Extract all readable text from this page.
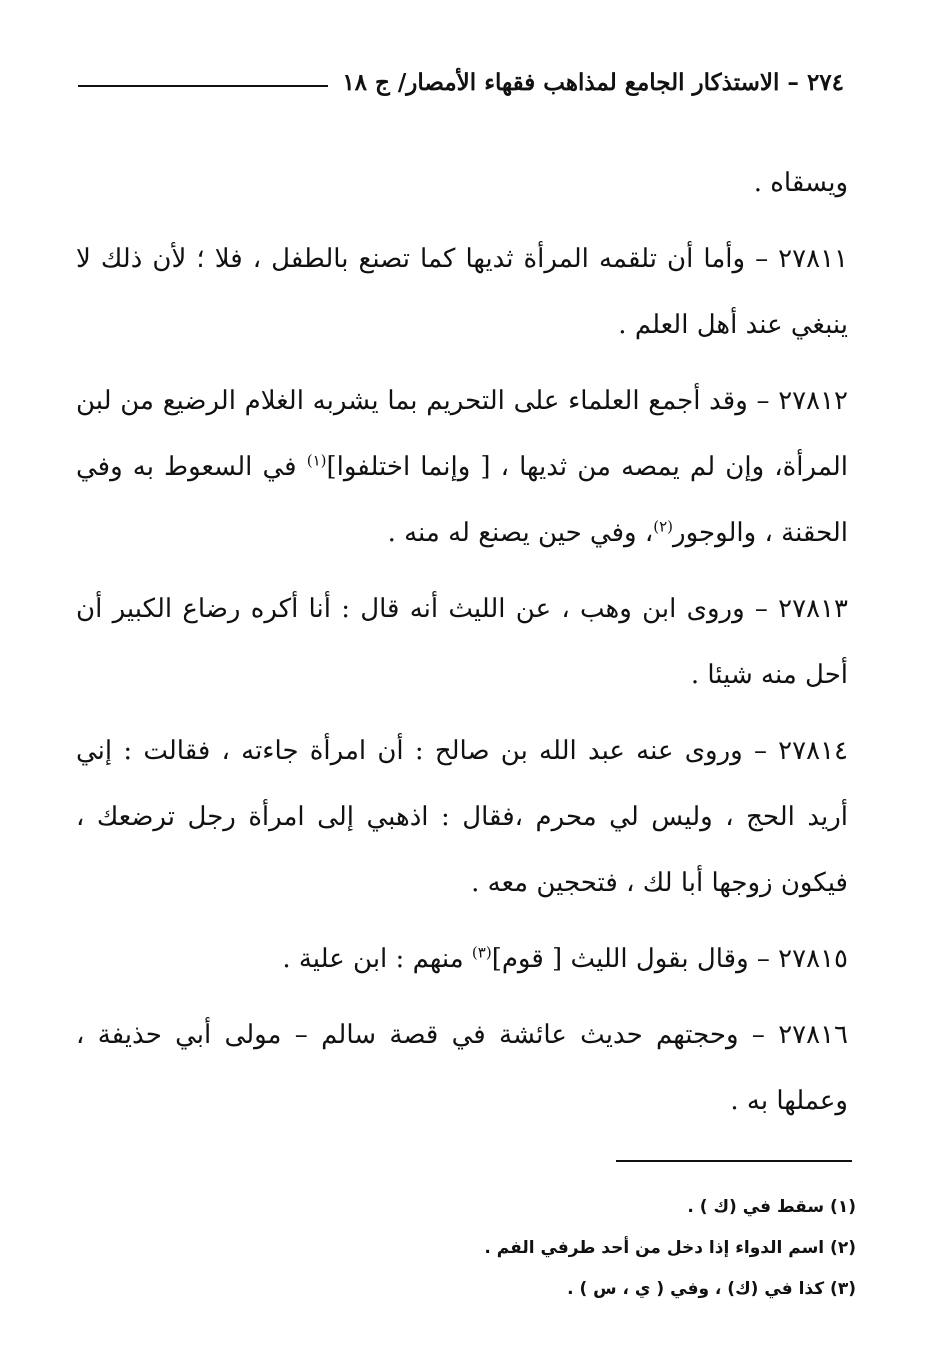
٢٧٤ – الاستذكار الجامع لمذاهب فقهاء الأمصار/ ج ١٨

ويسقاه .

٢٧٨١١ – وأما أن تلقمه المرأة ثديها كما تصنع بالطفل ، فلا ؛ لأن ذلك لا ينبغي عند أهل العلم .

٢٧٨١٢ – وقد أجمع العلماء على التحريم بما يشربه الغلام الرضيع من لبن المرأة، وإن لم يمصه من ثديها ، [ وإنما اختلفوا]$^{(١)}$ في السعوط به وفي الحقنة ، والوجور$^{(٢)}$، وفي حين يصنع له منه .

٢٧٨١٣ – وروى ابن وهب ، عن الليث أنه قال : أنا أكره رضاع الكبير أن أحل منه شيئا .

٢٧٨١٤ – وروى عنه عبد الله بن صالح : أن امرأة جاءته ، فقالت : إني أريد الحج ، وليس لي محرم ،فقال : اذهبي إلى امرأة رجل ترضعك ، فيكون زوجها أبا لك ، فتحجين معه .

٢٧٨١٥ – وقال بقول الليث [ قوم]$^{(٣)}$ منهم : ابن علية .

٢٧٨١٦ – وحجتهم حديث عائشة في قصة سالم – مولى أبي حذيفة ، وعملها به .

(١) سقط في (ك ) .

(٢) اسم الدواء إذا دخل من أحد طرفي الفم .

(٣) كذا في (ك) ، وفي ( ي ، س ) .
